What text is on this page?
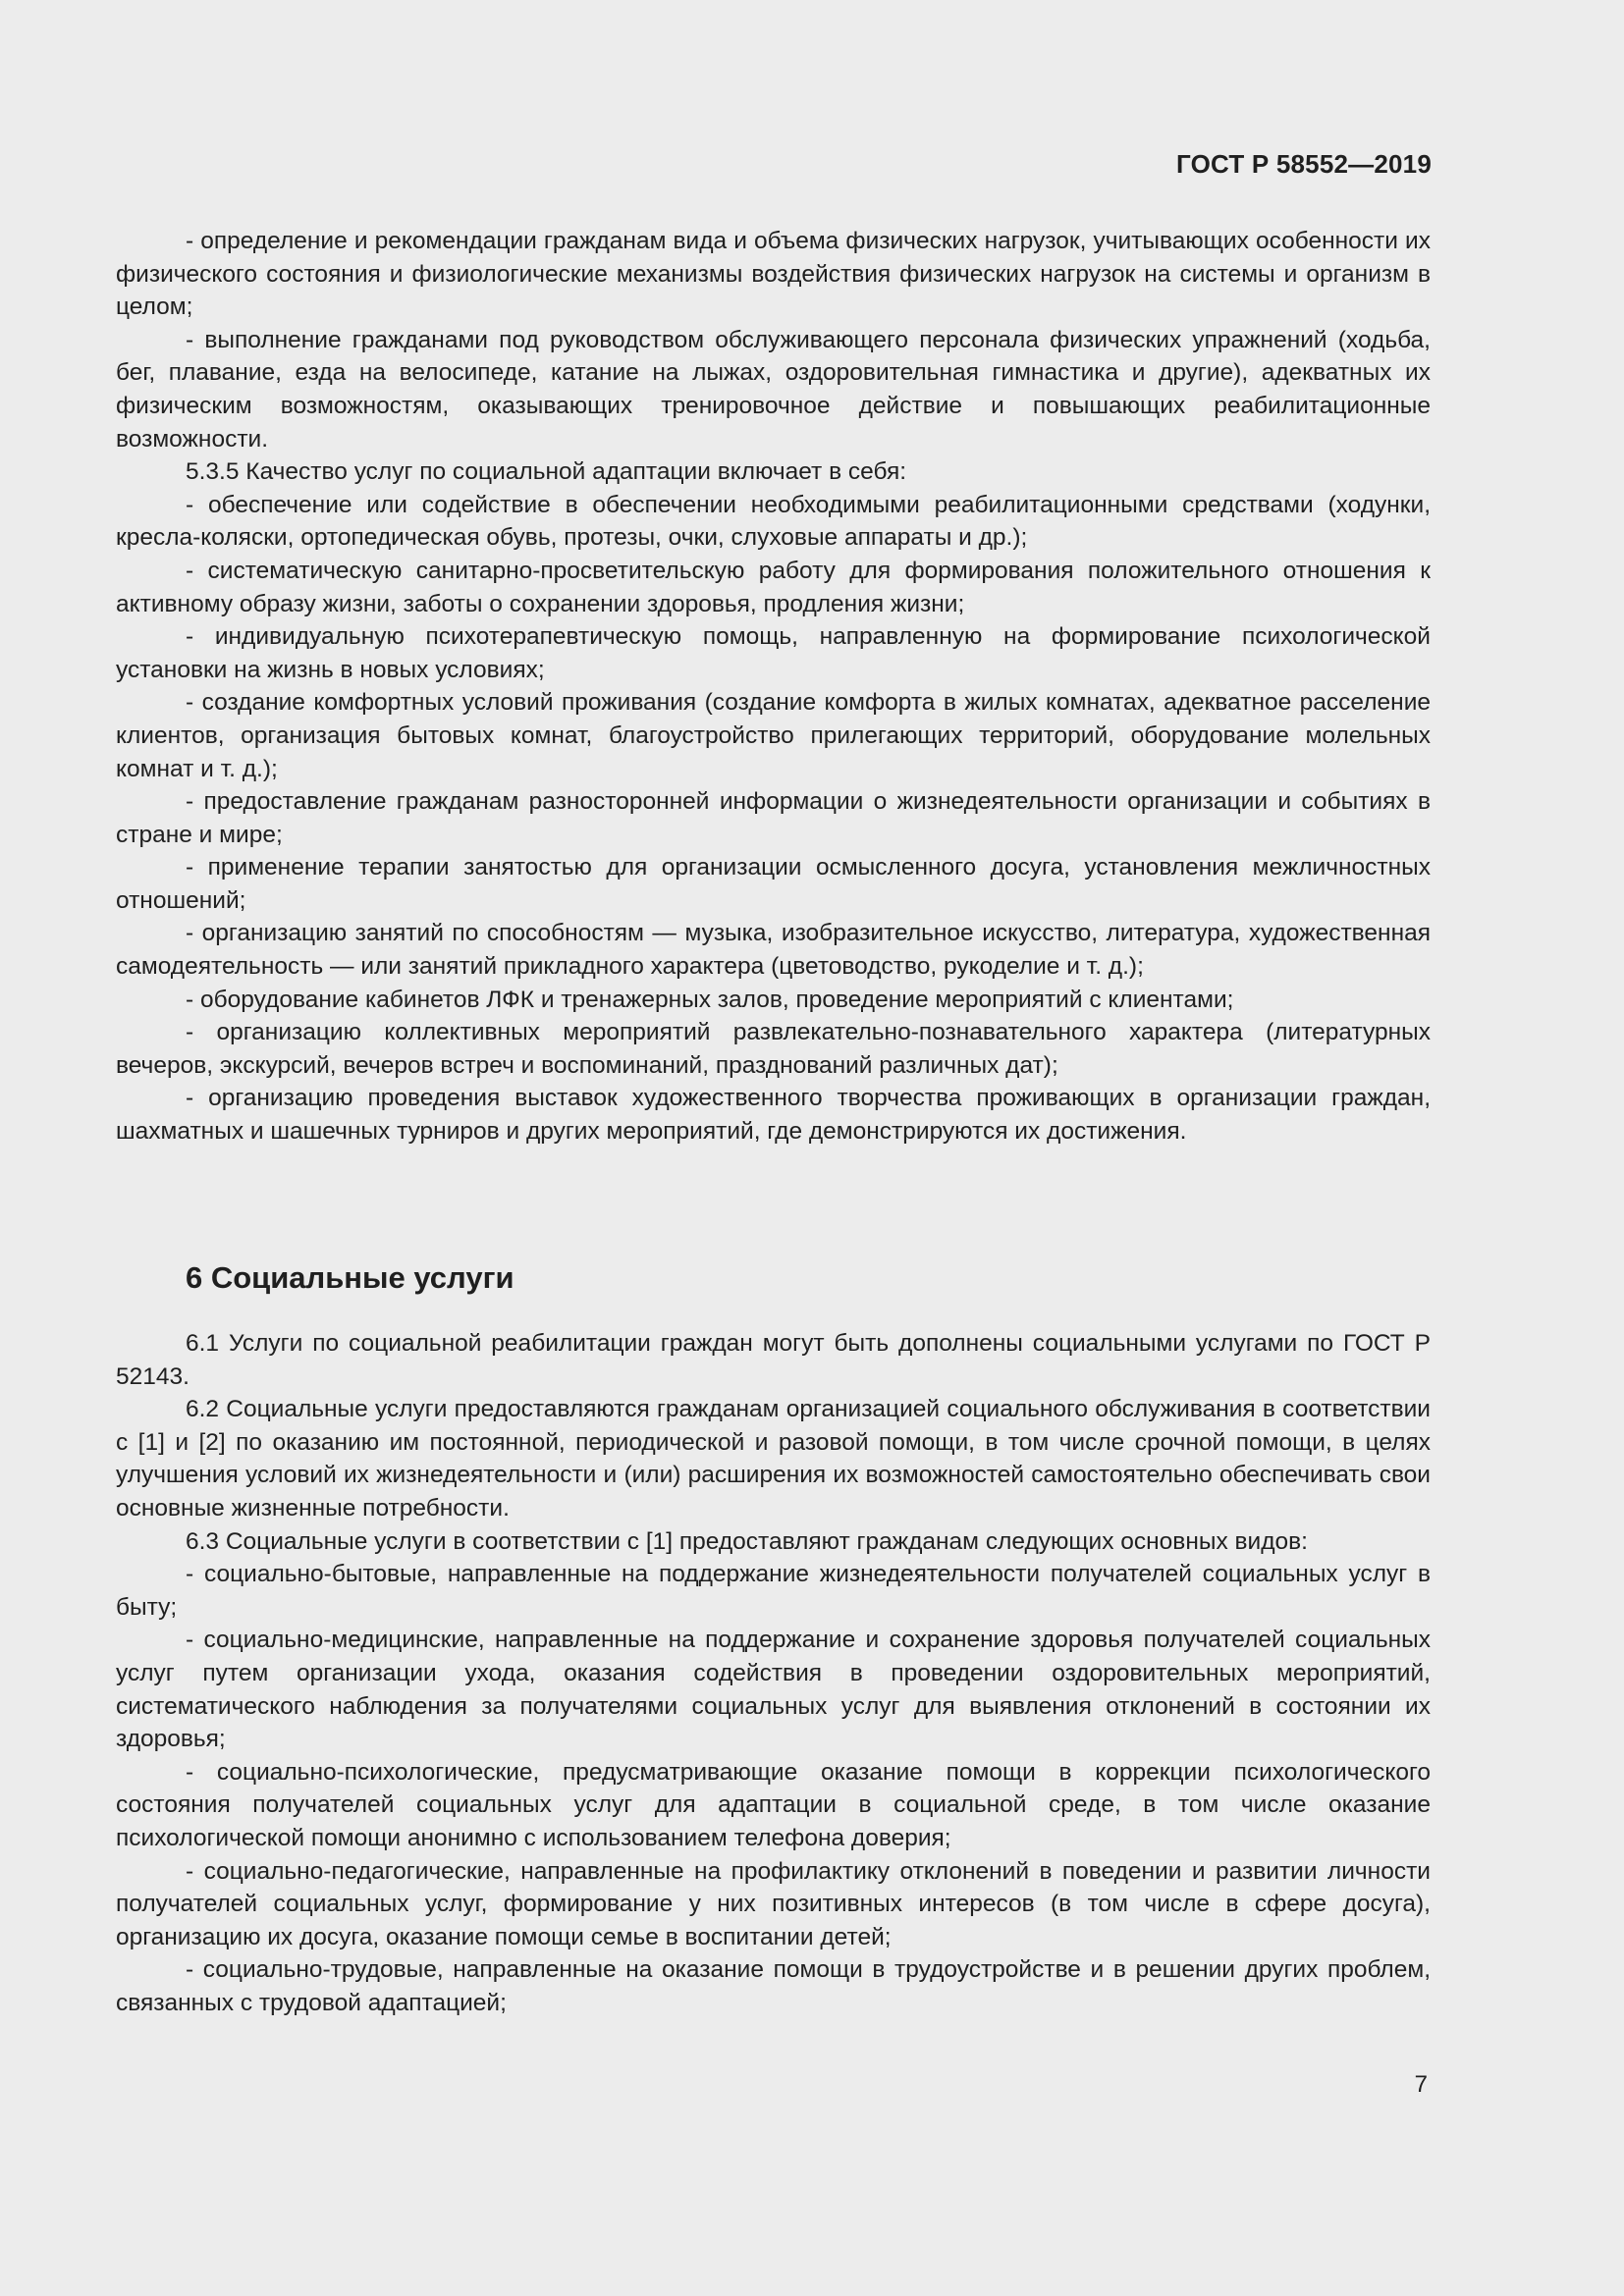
ГОСТ Р 58552—2019

- определение и рекомендации гражданам вида и объема физических нагрузок, учитывающих особенности их физического состояния и физиологические механизмы воздействия физических нагрузок на системы и организм в целом;

- выполнение гражданами под руководством обслуживающего персонала физических упражнений (ходьба, бег, плавание, езда на велосипеде, катание на лыжах, оздоровительная гимнастика и другие), адекватных их физическим возможностям, оказывающих тренировочное действие и повышающих реабилитационные возможности.

5.3.5 Качество услуг по социальной адаптации включает в себя:

- обеспечение или содействие в обеспечении необходимыми реабилитационными средствами (ходунки, кресла-коляски, ортопедическая обувь, протезы, очки, слуховые аппараты и др.);

- систематическую санитарно-просветительскую работу для формирования положительного отношения к активному образу жизни, заботы о сохранении здоровья, продления жизни;

- индивидуальную психотерапевтическую помощь, направленную на формирование психологической установки на жизнь в новых условиях;

- создание комфортных условий проживания (создание комфорта в жилых комнатах, адекватное расселение клиентов, организация бытовых комнат, благоустройство прилегающих территорий, оборудование молельных комнат и т. д.);

- предоставление гражданам разносторонней информации о жизнедеятельности организации и событиях в стране и мире;

- применение терапии занятостью для организации осмысленного досуга, установления межличностных отношений;

- организацию занятий по способностям — музыка, изобразительное искусство, литература, художественная самодеятельность — или занятий прикладного характера (цветоводство, рукоделие и т. д.);

- оборудование кабинетов ЛФК и тренажерных залов, проведение мероприятий с клиентами;

- организацию коллективных мероприятий развлекательно-познавательного характера (литературных вечеров, экскурсий, вечеров встреч и воспоминаний, празднований различных дат);

- организацию проведения выставок художественного творчества проживающих в организации граждан, шахматных и шашечных турниров и других мероприятий, где демонстрируются их достижения.

6 Социальные услуги

6.1 Услуги по социальной реабилитации граждан могут быть дополнены социальными услугами по ГОСТ Р 52143.

6.2 Социальные услуги предоставляются гражданам организацией социального обслуживания в соответствии с [1] и [2] по оказанию им постоянной, периодической и разовой помощи, в том числе срочной помощи, в целях улучшения условий их жизнедеятельности и (или) расширения их возможностей самостоятельно обеспечивать свои основные жизненные потребности.

6.3 Социальные услуги в соответствии с [1] предоставляют гражданам следующих основных видов:

- социально-бытовые, направленные на поддержание жизнедеятельности получателей социальных услуг в быту;

- социально-медицинские, направленные на поддержание и сохранение здоровья получателей социальных услуг путем организации ухода, оказания содействия в проведении оздоровительных мероприятий, систематического наблюдения за получателями социальных услуг для выявления отклонений в состоянии их здоровья;

- социально-психологические, предусматривающие оказание помощи в коррекции психологического состояния получателей социальных услуг для адаптации в социальной среде, в том числе оказание психологической помощи анонимно с использованием телефона доверия;

- социально-педагогические, направленные на профилактику отклонений в поведении и развитии личности получателей социальных услуг, формирование у них позитивных интересов (в том числе в сфере досуга), организацию их досуга, оказание помощи семье в воспитании детей;

- социально-трудовые, направленные на оказание помощи в трудоустройстве и в решении других проблем, связанных с трудовой адаптацией;

7
